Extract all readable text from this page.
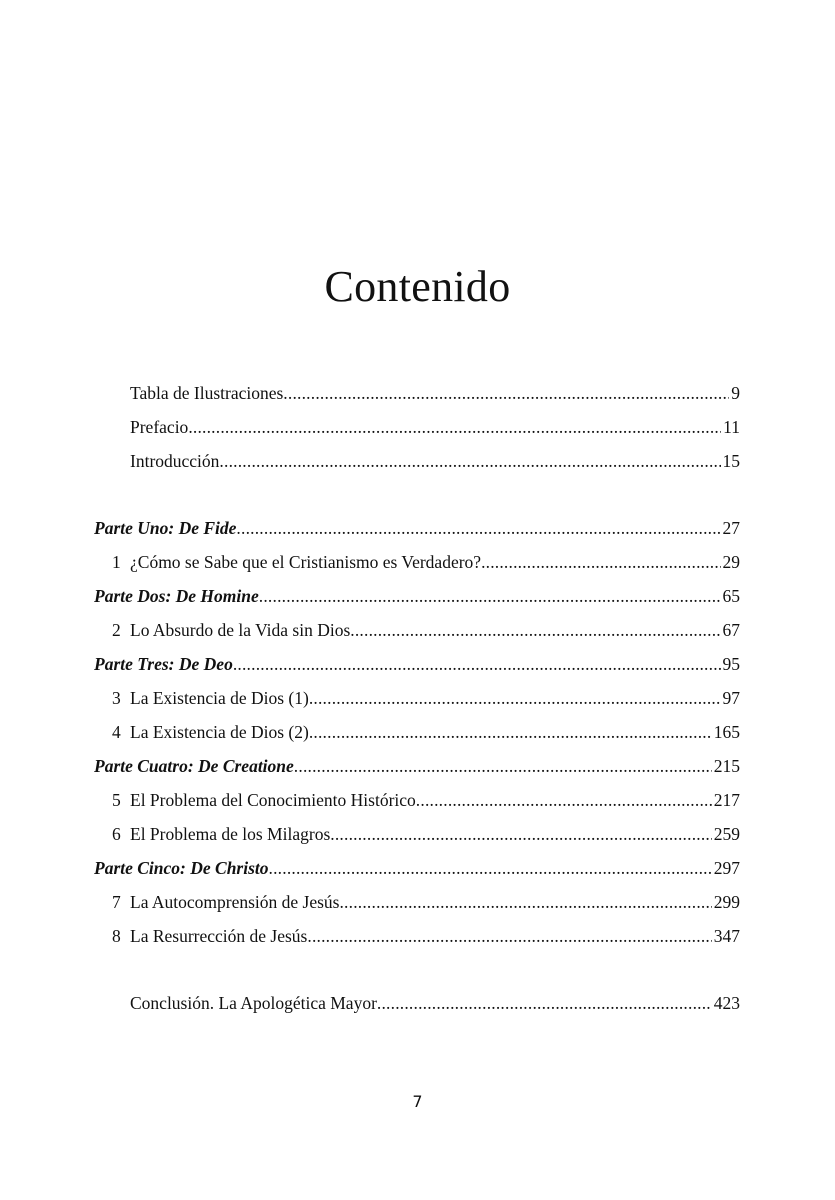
Contenido
Tabla de Ilustraciones .....	9
Prefacio .....	11
Introducción .....	15
Parte Uno: De Fide .....	27
1 ¿Cómo se Sabe que el Cristianismo es Verdadero? .....	29
Parte Dos: De Homine .....	65
2 Lo Absurdo de la Vida sin Dios .....	67
Parte Tres: De Deo .....	95
3 La Existencia de Dios (1) .....	97
4 La Existencia de Dios (2) .....	165
Parte Cuatro: De Creatione .....	215
5 El Problema del Conocimiento Histórico .....	217
6 El Problema de los Milagros .....	259
Parte Cinco: De Christo .....	297
7 La Autocomprensión de Jesús .....	299
8 La Resurrección de Jesús .....	347
Conclusión. La Apologética Mayor .....	423
7
